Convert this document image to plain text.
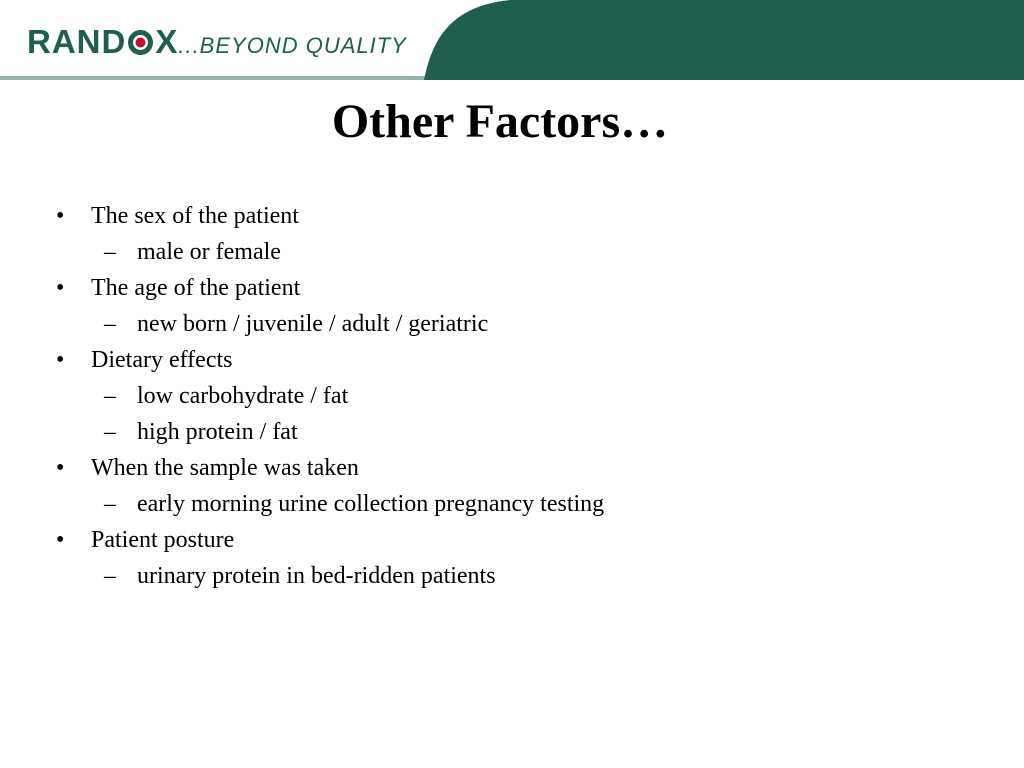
RAND X...BEYOND QUALITY
Other Factors…
• The sex of the patient
– male or female
• The age of the patient
– new born / juvenile / adult / geriatric
• Dietary effects
– low carbohydrate / fat
– high protein / fat
• When the sample was taken
– early morning urine collection pregnancy testing
• Patient posture
– urinary protein in bed-ridden patients
